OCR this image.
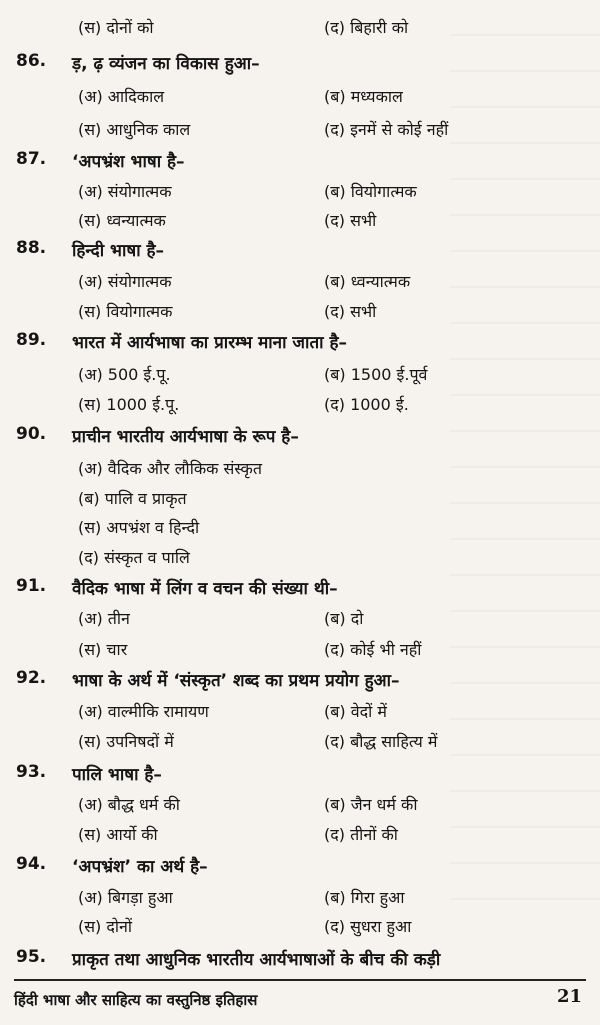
(स) दोनों को	(द) बिहारी को
86. ड़, ढ़ व्यंजन का विकास हुआ–
(अ) आदिकाल	(ब) मध्यकाल
(स) आधुनिक काल	(द) इनमें से कोई नहीं
87. ‘अपभ्रंश भाषा है–
(अ) संयोगात्मक	(ब) वियोगात्मक
(स) ध्वन्यात्मक	(द) सभी
88. हिन्दी भाषा है–
(अ) संयोगात्मक	(ब) ध्वन्यात्मक
(स) वियोगात्मक	(द) सभी
89. भारत में आर्यभाषा का प्रारम्भ माना जाता है–
(अ) 500 ई.पू.	(ब) 1500 ई.पूर्व
(स) 1000 ई.पू.	(द) 1000 ई.
90. प्राचीन भारतीय आर्यभाषा के रूप है–
(अ) वैदिक और लौकिक संस्कृत
(ब) पालि व प्राकृत
(स) अपभ्रंश व हिन्दी
(द) संस्कृत व पालि
91. वैदिक भाषा में लिंग व वचन की संख्या थी–
(अ) तीन	(ब) दो
(स) चार	(द) कोई भी नहीं
92. भाषा के अर्थ में ‘संस्कृत’ शब्द का प्रथम प्रयोग हुआ–
(अ) वाल्मीकि रामायण	(ब) वेदों में
(स) उपनिषदों में	(द) बौद्ध साहित्य में
93. पालि भाषा है–
(अ) बौद्ध धर्म की	(ब) जैन धर्म की
(स) आर्यो की	(द) तीनों की
94. ‘अपभ्रंश’ का अर्थ है–
(अ) बिगड़ा हुआ	(ब) गिरा हुआ
(स) दोनों	(द) सुधरा हुआ
95. प्राकृत तथा आधुनिक भारतीय आर्यभाषाओं के बीच की कड़ी
हिंदी भाषा और साहित्य का वस्तुनिष्ठ इतिहास	21
